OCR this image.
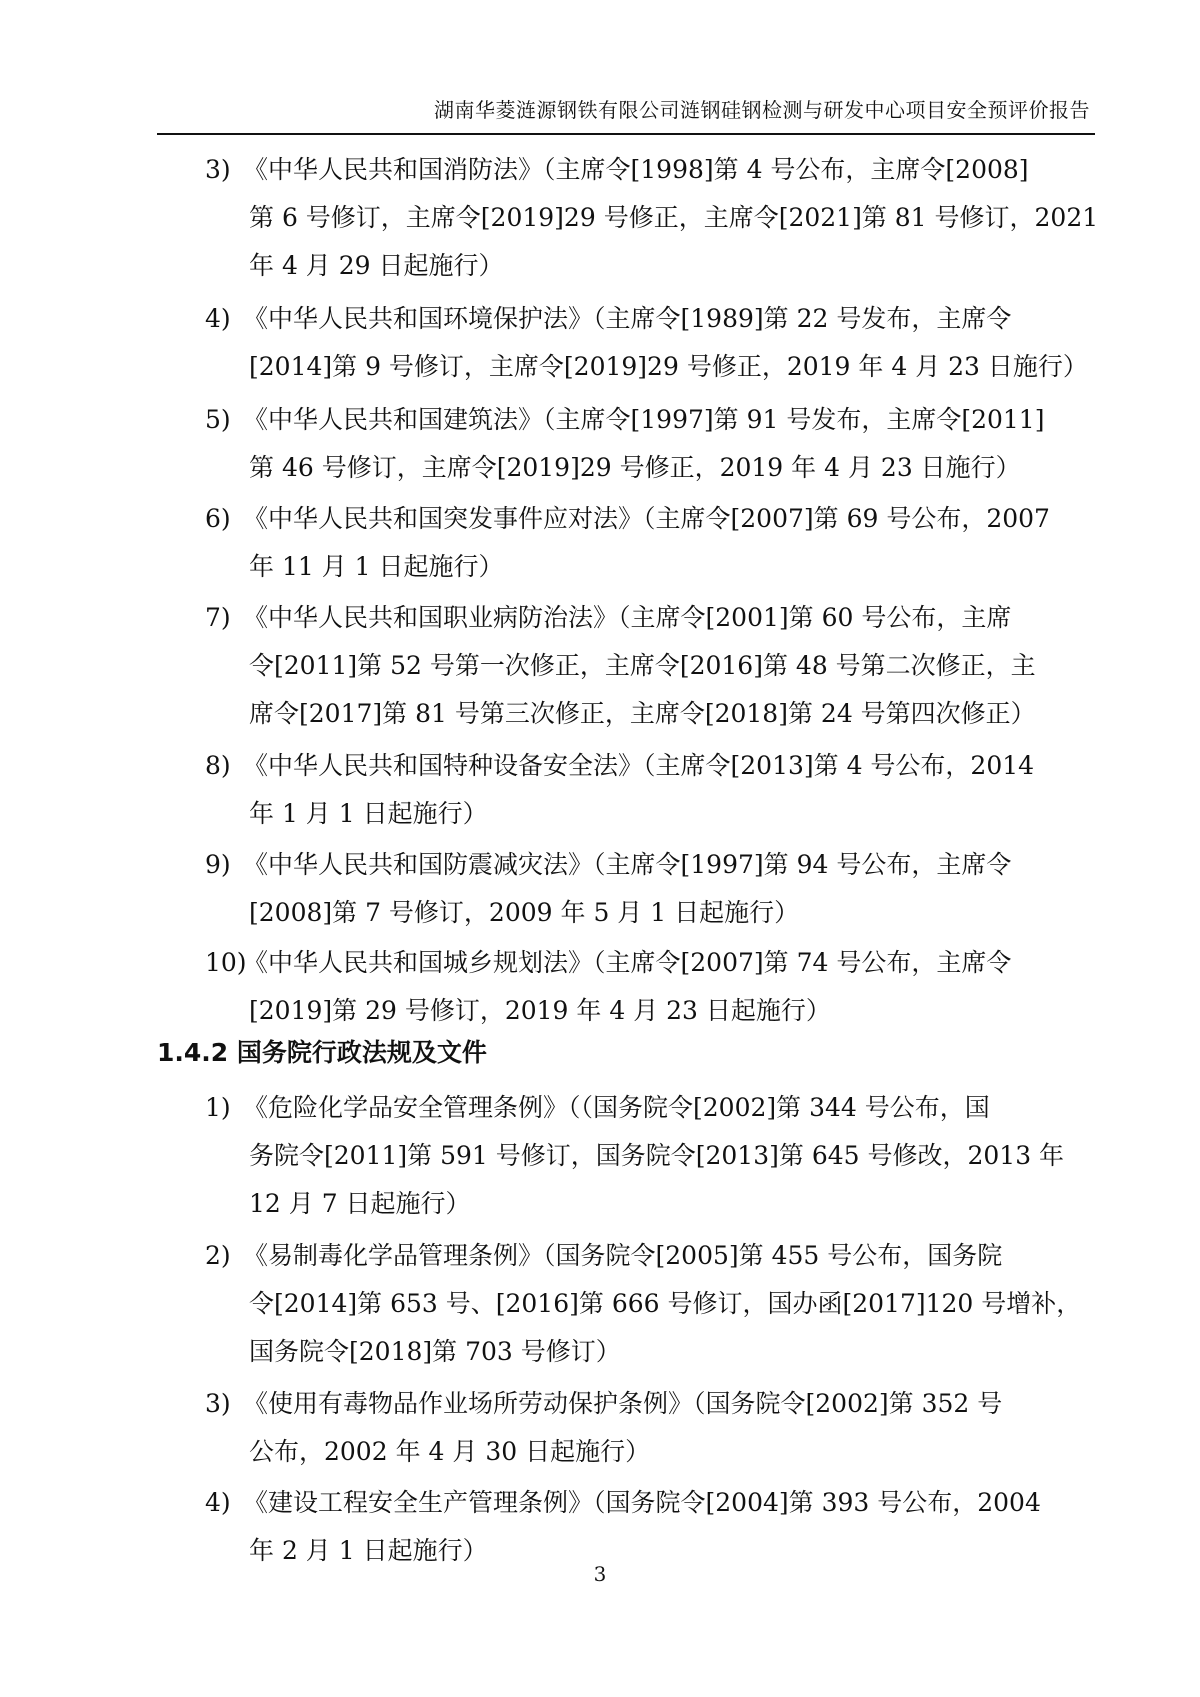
湖南华菱涟源钢铁有限公司涟钢硅钢检测与研发中心项目安全预评价报告
3) 《中华人民共和国消防法》（主席令[1998]第 4 号公布，主席令[2008]
第 6 号修订，主席令[2019]29 号修正，主席令[2021]第 81 号修订，2021
年 4 月 29 日起施行）
4) 《中华人民共和国环境保护法》（主席令[1989]第 22 号发布，主席令
[2014]第 9 号修订，主席令[2019]29 号修正，2019 年 4 月 23 日施行）
5) 《中华人民共和国建筑法》（主席令[1997]第 91 号发布，主席令[2011]
第 46 号修订，主席令[2019]29 号修正，2019 年 4 月 23 日施行）
6) 《中华人民共和国突发事件应对法》（主席令[2007]第 69 号公布，2007
年 11 月 1 日起施行）
7) 《中华人民共和国职业病防治法》（主席令[2001]第 60 号公布，主席
令[2011]第 52 号第一次修正，主席令[2016]第 48 号第二次修正，主
席令[2017]第 81 号第三次修正，主席令[2018]第 24 号第四次修正）
8) 《中华人民共和国特种设备安全法》（主席令[2013]第 4 号公布，2014
年 1 月 1 日起施行）
9) 《中华人民共和国防震减灾法》（主席令[1997]第 94 号公布，主席令
[2008]第 7 号修订，2009 年 5 月 1 日起施行）
10)
《中华人民共和国城乡规划法》（主席令[2007]第 74 号公布，主席令
[2019]第 29 号修订，2019 年 4 月 23 日起施行）
1.4.2 国务院行政法规及文件
1) 《危险化学品安全管理条例》（（国务院令[2002]第 344 号公布，国
务院令[2011]第 591 号修订，国务院令[2013]第 645 号修改，2013 年
12 月 7 日起施行）
2) 《易制毒化学品管理条例》（国务院令[2005]第 455 号公布，国务院
令[2014]第 653 号、[2016]第 666 号修订，国办函[2017]120 号增补，
国务院令[2018]第 703 号修订）
3) 《使用有毒物品作业场所劳动保护条例》（国务院令[2002]第 352 号
公布，2002 年 4 月 30 日起施行）
4) 《建设工程安全生产管理条例》（国务院令[2004]第 393 号公布，2004
年 2 月 1 日起施行）
3
